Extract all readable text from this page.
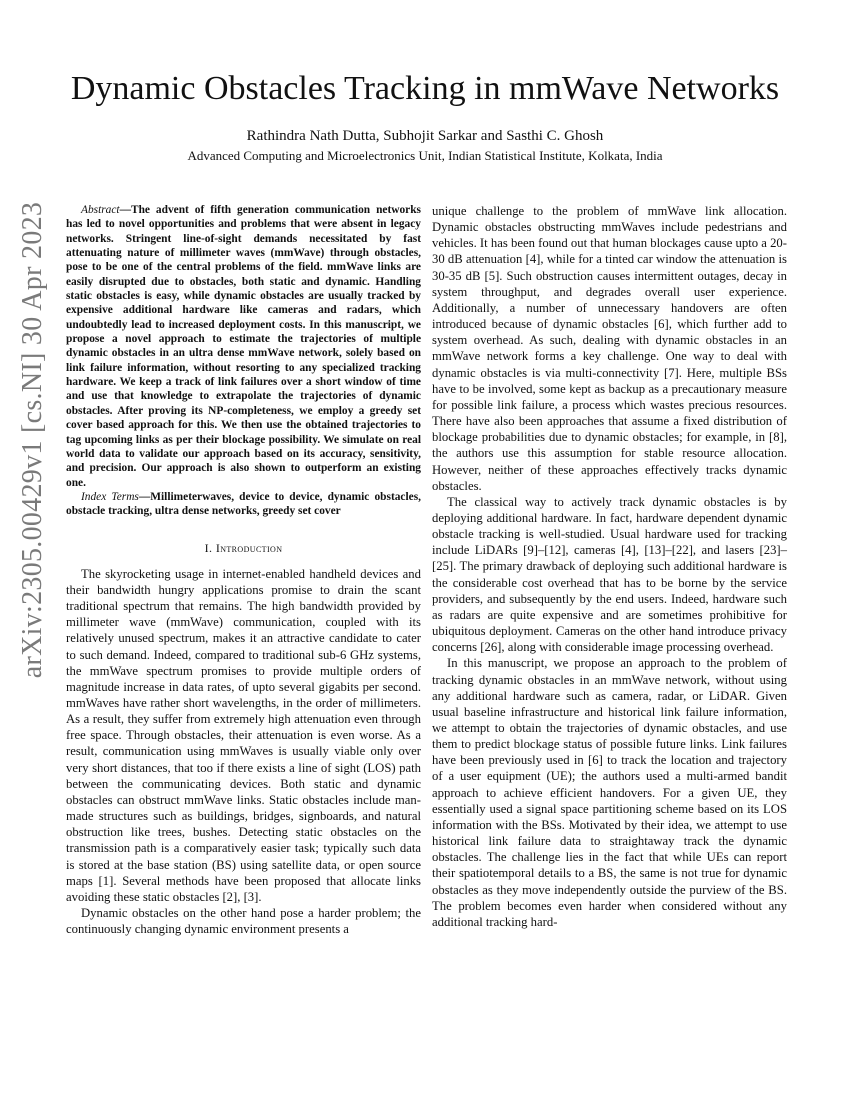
arXiv:2305.00429v1 [cs.NI] 30 Apr 2023
Dynamic Obstacles Tracking in mmWave Networks
Rathindra Nath Dutta, Subhojit Sarkar and Sasthi C. Ghosh
Advanced Computing and Microelectronics Unit, Indian Statistical Institute, Kolkata, India

Abstract—The advent of fifth generation communication networks has led to novel opportunities and problems that were absent in legacy networks. Stringent line-of-sight demands necessitated by fast attenuating nature of millimeter waves (mmWave) through obstacles, pose to be one of the central problems of the field. mmWave links are easily disrupted due to obstacles, both static and dynamic. Handling static obstacles is easy, while dynamic obstacles are usually tracked by expensive additional hardware like cameras and radars, which undoubtedly lead to increased deployment costs. In this manuscript, we propose a novel approach to estimate the trajectories of multiple dynamic obstacles in an ultra dense mmWave network, solely based on link failure information, without resorting to any specialized tracking hardware. We keep a track of link failures over a short window of time and use that knowledge to extrapolate the trajectories of dynamic obstacles. After proving its NP-completeness, we employ a greedy set cover based approach for this. We then use the obtained trajectories to tag upcoming links as per their blockage possibility. We simulate on real world data to validate our approach based on its accuracy, sensitivity, and precision. Our approach is also shown to outperform an existing one.

Index Terms—Millimeterwaves, device to device, dynamic obstacles, obstacle tracking, ultra dense networks, greedy set cover

I. Introduction

The skyrocketing usage in internet-enabled handheld devices and their bandwidth hungry applications promise to drain the scant traditional spectrum that remains. The high bandwidth provided by millimeter wave (mmWave) communication, coupled with its relatively unused spectrum, makes it an attractive candidate to cater to such demand. Indeed, compared to traditional sub-6 GHz systems, the mmWave spectrum promises to provide multiple orders of magnitude increase in data rates, of upto several gigabits per second. mmWaves have rather short wavelengths, in the order of millimeters. As a result, they suffer from extremely high attenuation even through free space. Through obstacles, their attenuation is even worse. As a result, communication using mmWaves is usually viable only over very short distances, that too if there exists a line of sight (LOS) path between the communicating devices. Both static and dynamic obstacles can obstruct mmWave links. Static obstacles include man-made structures such as buildings, bridges, signboards, and natural obstruction like trees, bushes. Detecting static obstacles on the transmission path is a comparatively easier task; typically such data is stored at the base station (BS) using satellite data, or open source maps [1]. Several methods have been proposed that allocate links avoiding these static obstacles [2], [3].

Dynamic obstacles on the other hand pose a harder problem; the continuously changing dynamic environment presents a

unique challenge to the problem of mmWave link allocation. Dynamic obstacles obstructing mmWaves include pedestrians and vehicles. It has been found out that human blockages cause upto a 20-30 dB attenuation [4], while for a tinted car window the attenuation is 30-35 dB [5]. Such obstruction causes intermittent outages, decay in system throughput, and degrades overall user experience. Additionally, a number of unnecessary handovers are often introduced because of dynamic obstacles [6], which further add to system overhead. As such, dealing with dynamic obstacles in an mmWave network forms a key challenge. One way to deal with dynamic obstacles is via multi-connectivity [7]. Here, multiple BSs have to be involved, some kept as backup as a precautionary measure for possible link failure, a process which wastes precious resources. There have also been approaches that assume a fixed distribution of blockage probabilities due to dynamic obstacles; for example, in [8], the authors use this assumption for stable resource allocation. However, neither of these approaches effectively tracks dynamic obstacles.

The classical way to actively track dynamic obstacles is by deploying additional hardware. In fact, hardware dependent dynamic obstacle tracking is well-studied. Usual hardware used for tracking include LiDARs [9]–[12], cameras [4], [13]–[22], and lasers [23]–[25]. The primary drawback of deploying such additional hardware is the considerable cost overhead that has to be borne by the service providers, and subsequently by the end users. Indeed, hardware such as radars are quite expensive and are sometimes prohibitive for ubiquitous deployment. Cameras on the other hand introduce privacy concerns [26], along with considerable image processing overhead.

In this manuscript, we propose an approach to the problem of tracking dynamic obstacles in an mmWave network, without using any additional hardware such as camera, radar, or LiDAR. Given usual baseline infrastructure and historical link failure information, we attempt to obtain the trajectories of dynamic obstacles, and use them to predict blockage status of possible future links. Link failures have been previously used in [6] to track the location and trajectory of a user equipment (UE); the authors used a multi-armed bandit approach to achieve efficient handovers. For a given UE, they essentially used a signal space partitioning scheme based on its LOS information with the BSs. Motivated by their idea, we attempt to use historical link failure data to straightaway track the dynamic obstacles. The challenge lies in the fact that while UEs can report their spatiotemporal details to a BS, the same is not true for dynamic obstacles as they move independently outside the purview of the BS. The problem becomes even harder when considered without any additional tracking hard-
